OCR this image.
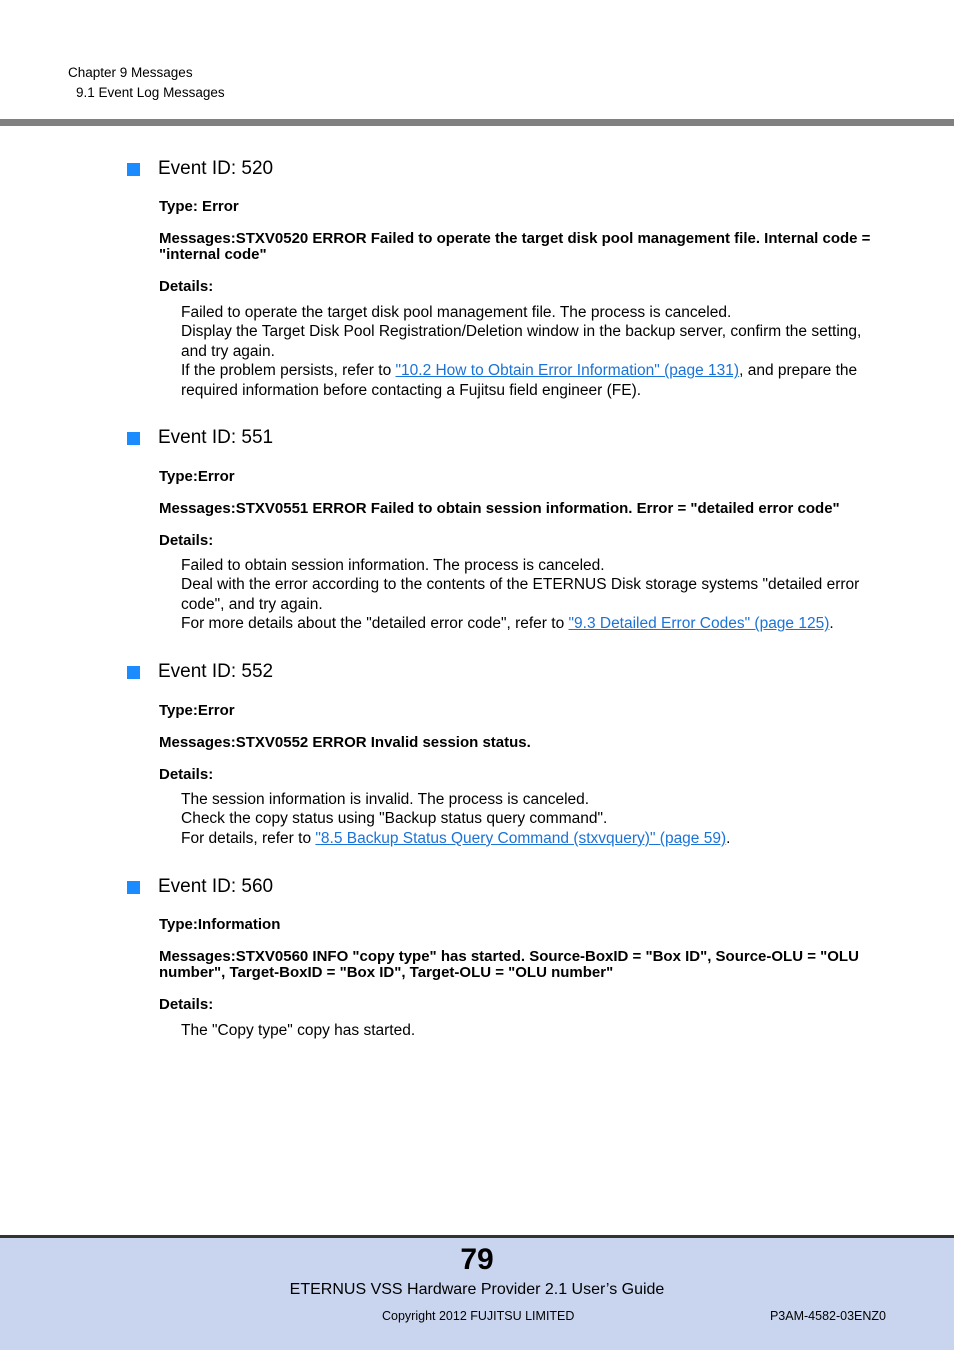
Chapter 9 Messages
9.1 Event Log Messages
Event ID: 520
Type: Error
Messages:STXV0520 ERROR Failed to operate the target disk pool management file. Internal code = "internal code"
Details:

Failed to operate the target disk pool management file. The process is canceled.

Display the Target Disk Pool Registration/Deletion window in the backup server, confirm the setting, and try again.

If the problem persists, refer to "10.2 How to Obtain Error Information" (page 131), and prepare the required information before contacting a Fujitsu field engineer (FE).

Event ID: 551
Type:Error
Messages:STXV0551 ERROR Failed to obtain session information. Error = "detailed error code"
Details:

Failed to obtain session information. The process is canceled.

Deal with the error according to the contents of the ETERNUS Disk storage systems "detailed error code", and try again.

For more details about the "detailed error code", refer to "9.3 Detailed Error Codes" (page 125).

Event ID: 552
Type:Error
Messages:STXV0552 ERROR Invalid session status.
Details:

The session information is invalid. The process is canceled.

Check the copy status using "Backup status query command".

For details, refer to "8.5 Backup Status Query Command (stxvquery)" (page 59).

Event ID: 560
Type:Information
Messages:STXV0560 INFO "copy type" has started. Source-BoxID = "Box ID", Source-OLU = "OLU number", Target-BoxID = "Box ID", Target-OLU = "OLU number"
Details:

The "Copy type" copy has started.

79
ETERNUS VSS Hardware Provider 2.1 User’s Guide
Copyright 2012 FUJITSU LIMITED	P3AM-4582-03ENZ0
